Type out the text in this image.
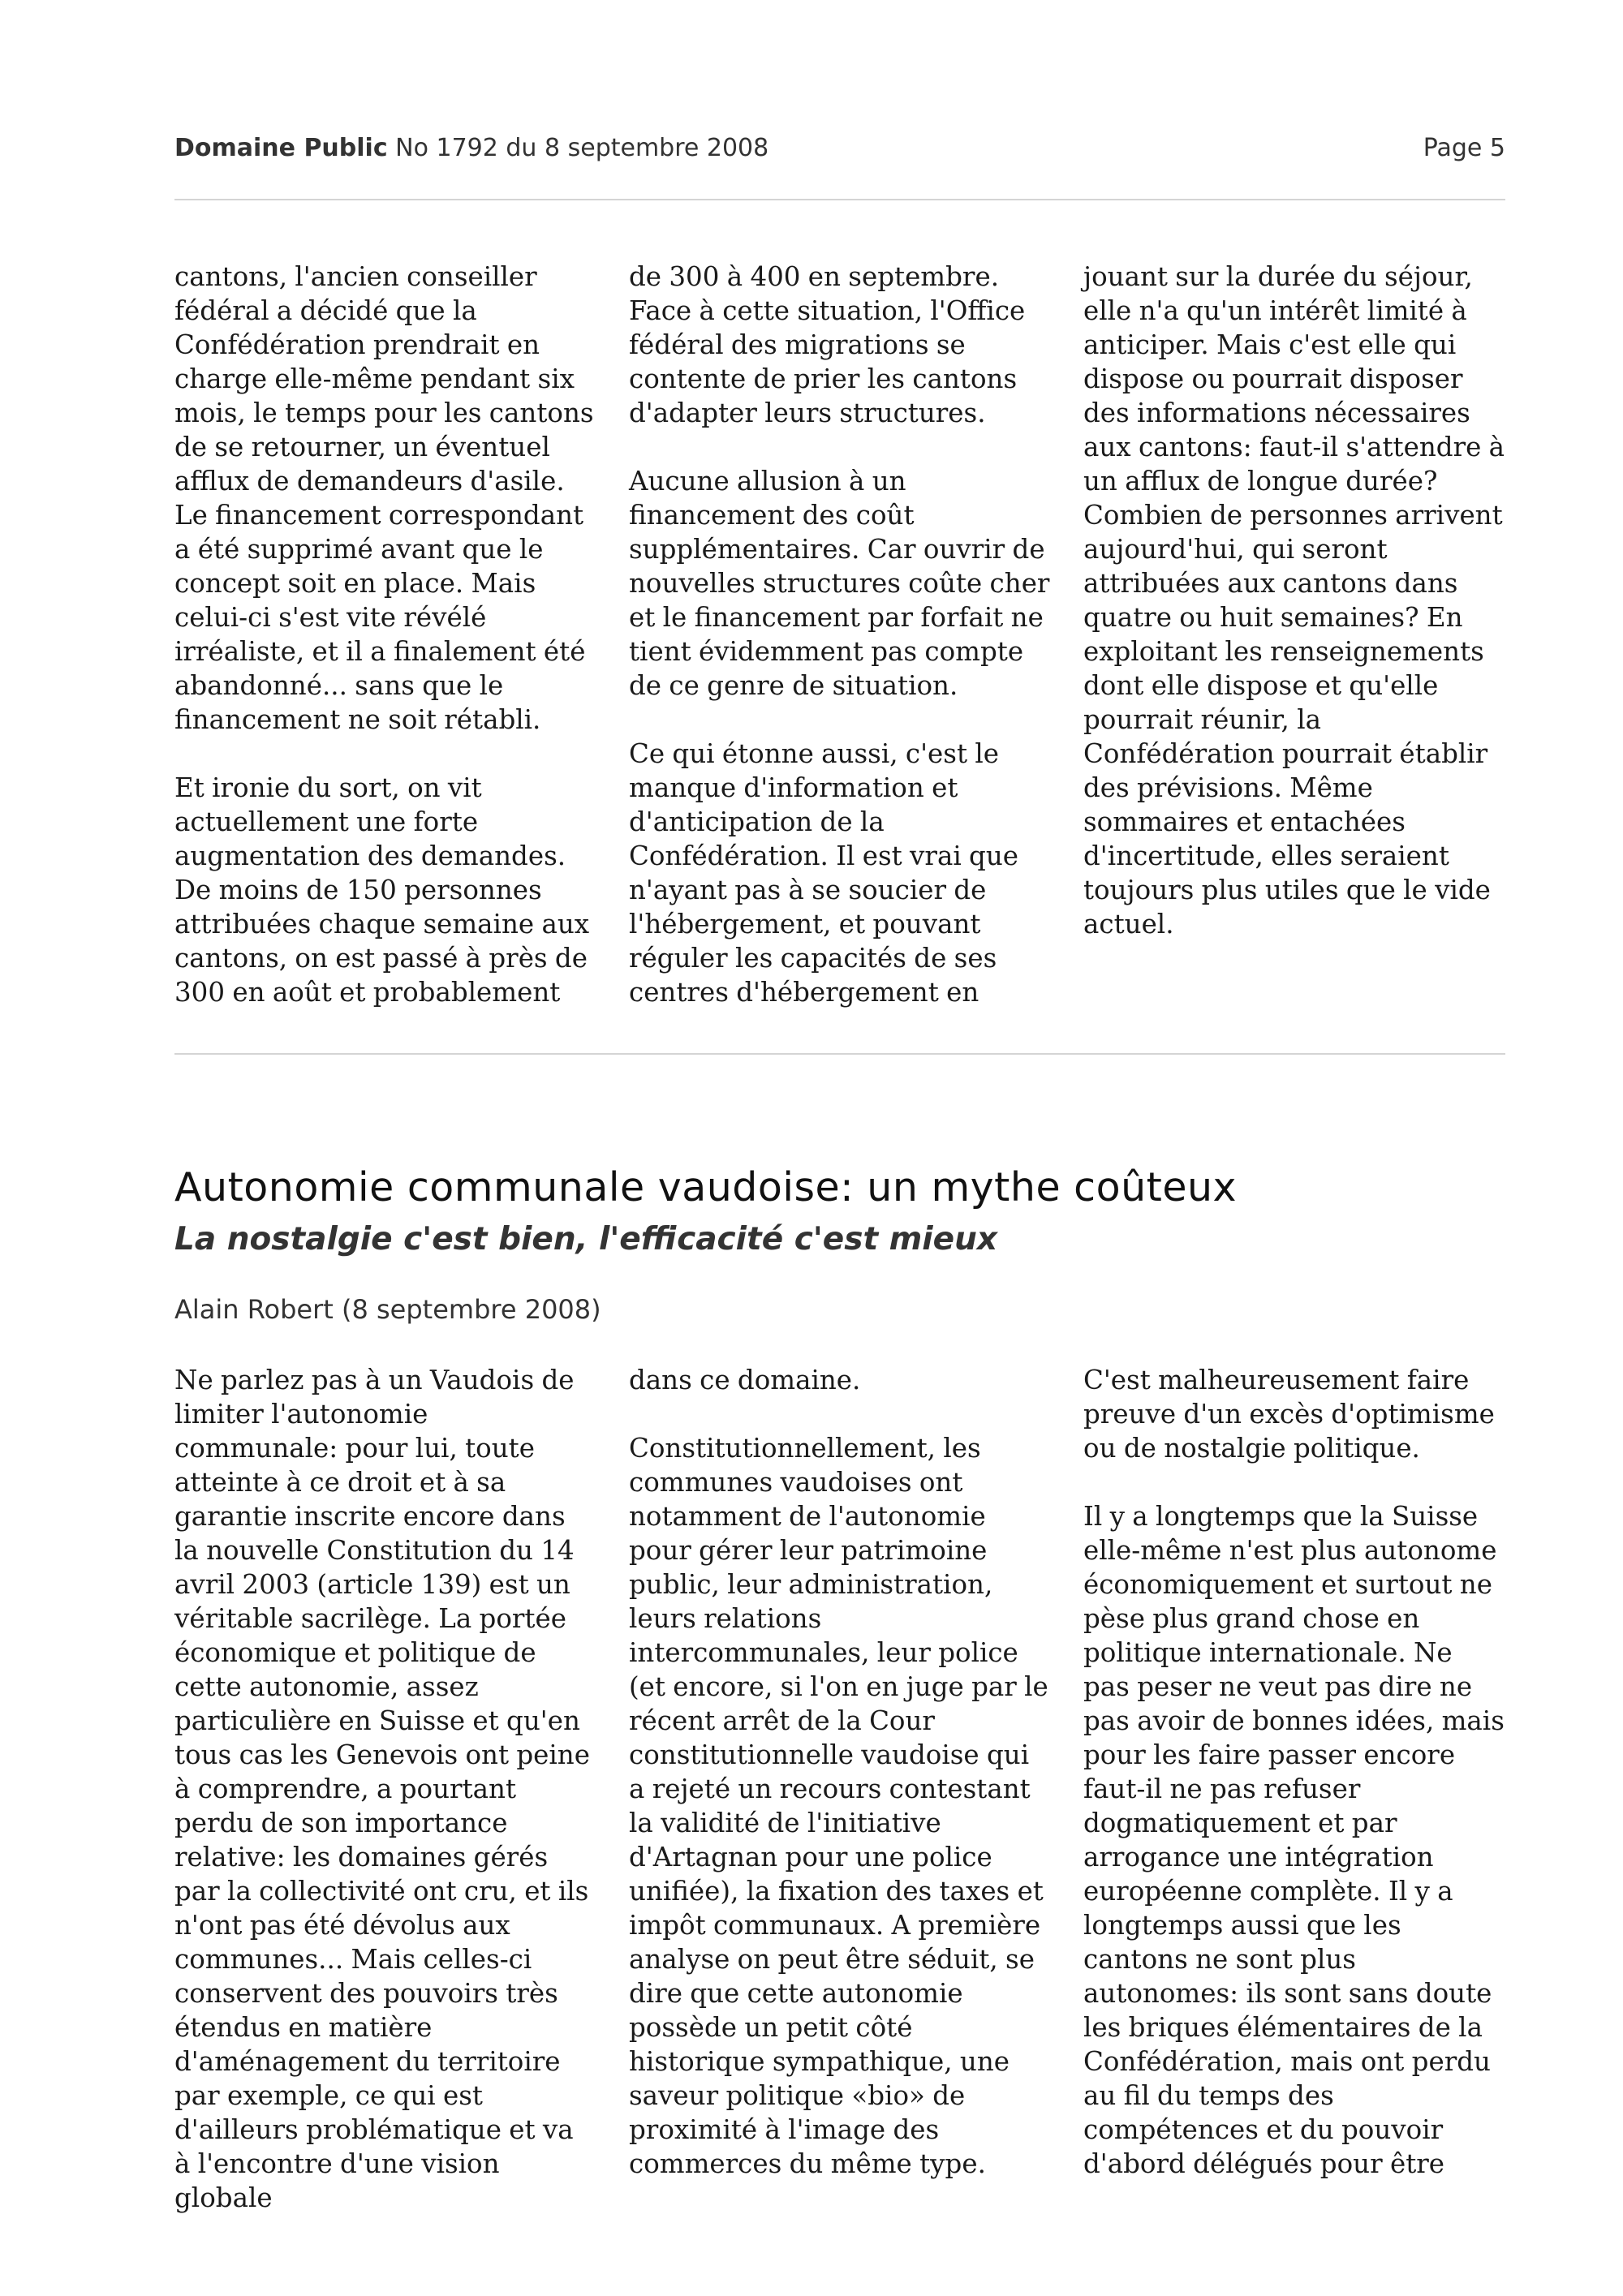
Domaine Public No 1792 du 8 septembre 2008	Page 5

cantons, l'ancien conseiller fédéral a décidé que la Confédération prendrait en charge elle-même pendant six mois, le temps pour les cantons de se retourner, un éventuel afflux de demandeurs d'asile. Le financement correspondant a été supprimé avant que le concept soit en place. Mais celui-ci s'est vite révélé irréaliste, et il a finalement été abandonné... sans que le financement ne soit rétabli.

Et ironie du sort, on vit actuellement une forte augmentation des demandes. De moins de 150 personnes attribuées chaque semaine aux cantons, on est passé à près de 300 en août et probablement

de 300 à 400 en septembre. Face à cette situation, l'Office fédéral des migrations se contente de prier les cantons d'adapter leurs structures.

Aucune allusion à un financement des coût supplémentaires. Car ouvrir de nouvelles structures coûte cher et le financement par forfait ne tient évidemment pas compte de ce genre de situation.

Ce qui étonne aussi, c'est le manque d'information et d'anticipation de la Confédération. Il est vrai que n'ayant pas à se soucier de l'hébergement, et pouvant réguler les capacités de ses centres d'hébergement en

jouant sur la durée du séjour, elle n'a qu'un intérêt limité à anticiper. Mais c'est elle qui dispose ou pourrait disposer des informations nécessaires aux cantons: faut-il s'attendre à un afflux de longue durée? Combien de personnes arrivent aujourd'hui, qui seront attribuées aux cantons dans quatre ou huit semaines? En exploitant les renseignements dont elle dispose et qu'elle pourrait réunir, la Confédération pourrait établir des prévisions. Même sommaires et entachées d'incertitude, elles seraient toujours plus utiles que le vide actuel.

Autonomie communale vaudoise: un mythe coûteux
La nostalgie c'est bien, l'efficacité c'est mieux

Alain Robert (8 septembre 2008)

Ne parlez pas à un Vaudois de limiter l'autonomie communale: pour lui, toute atteinte à ce droit et à sa garantie inscrite encore dans la nouvelle Constitution du 14 avril 2003 (article 139) est un véritable sacrilège. La portée économique et politique de cette autonomie, assez particulière en Suisse et qu'en tous cas les Genevois ont peine à comprendre, a pourtant perdu de son importance relative: les domaines gérés par la collectivité ont cru, et ils n'ont pas été dévolus aux communes... Mais celles-ci conservent des pouvoirs très étendus en matière d'aménagement du territoire par exemple, ce qui est d'ailleurs problématique et va à l'encontre d'une vision globale

dans ce domaine.

Constitutionnellement, les communes vaudoises ont notamment de l'autonomie pour gérer leur patrimoine public, leur administration, leurs relations intercommunales, leur police (et encore, si l'on en juge par le récent arrêt de la Cour constitutionnelle vaudoise qui a rejeté un recours contestant la validité de l'initiative d'Artagnan pour une police unifiée), la fixation des taxes et impôt communaux. A première analyse on peut être séduit, se dire que cette autonomie possède un petit côté historique sympathique, une saveur politique «bio» de proximité à l'image des commerces du même type.

C'est malheureusement faire preuve d'un excès d'optimisme ou de nostalgie politique.

Il y a longtemps que la Suisse elle-même n'est plus autonome économiquement et surtout ne pèse plus grand chose en politique internationale. Ne pas peser ne veut pas dire ne pas avoir de bonnes idées, mais pour les faire passer encore faut-il ne pas refuser dogmatiquement et par arrogance une intégration européenne complète. Il y a longtemps aussi que les cantons ne sont plus autonomes: ils sont sans doute les briques élémentaires de la Confédération, mais ont perdu au fil du temps des compétences et du pouvoir d'abord délégués pour être
